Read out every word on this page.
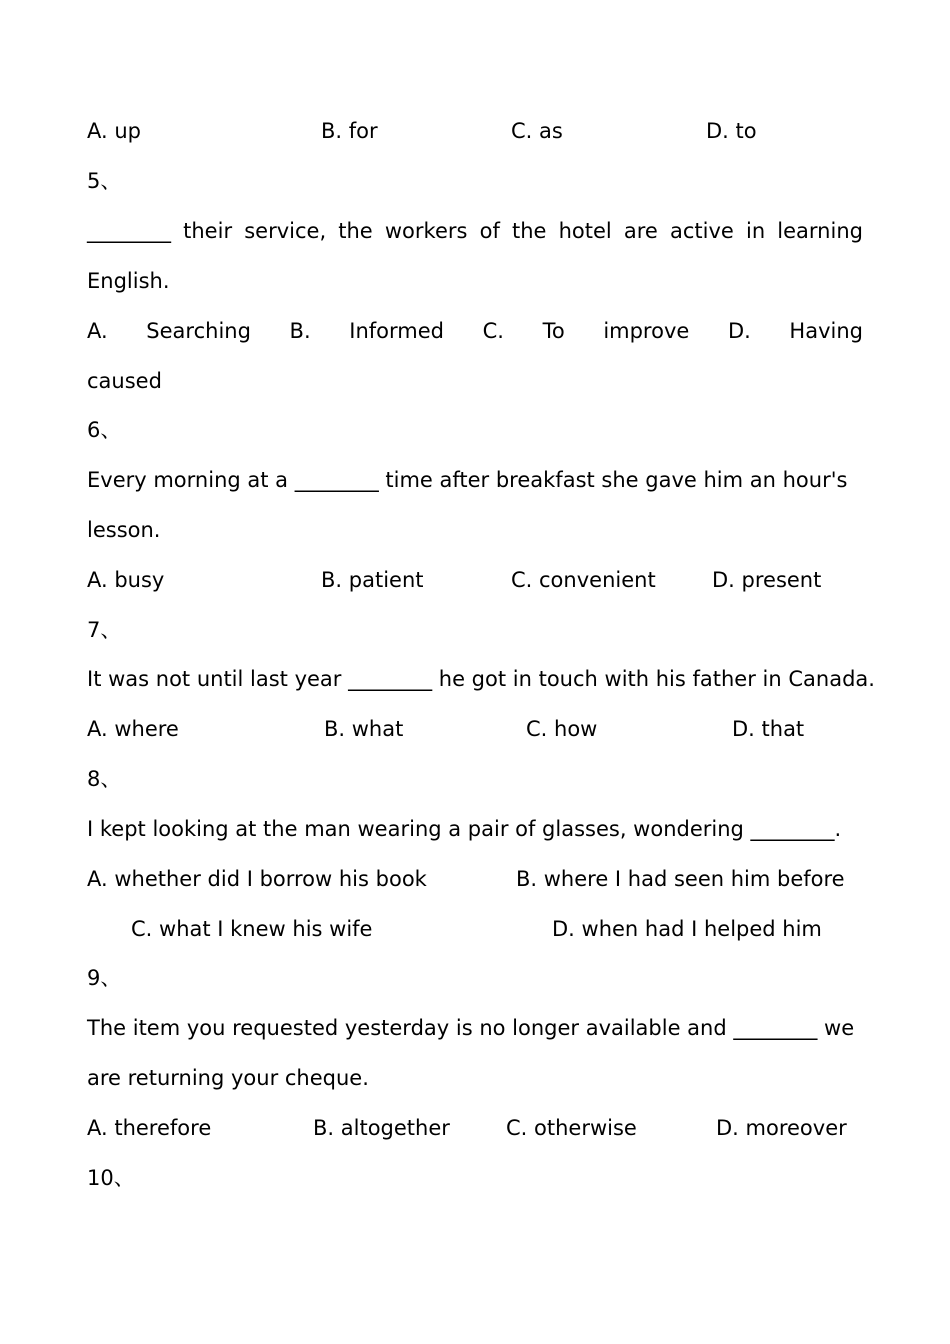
A. up	B. for	C. as	D. to
5、
________ their service, the workers of the hotel are active in learning
English.
A. Searching B. Informed C. To improve D. Having
caused
6、
Every morning at a ________ time after breakfast she gave him an hour's
lesson.
A. busy	B. patient	C. convenient	D. present
7、
It was not until last year ________ he got in touch with his father in Canada.
A. where	B. what	C. how	D. that
8、
I kept looking at the man wearing a pair of glasses, wondering ________.
A. whether did I borrow his book	B. where I had seen him before
C. what I knew his wife	D. when had I helped him
9、
The item you requested yesterday is no longer available and ________ we
are returning your cheque.
A. therefore	B. altogether	C. otherwise	D. moreover
10、
